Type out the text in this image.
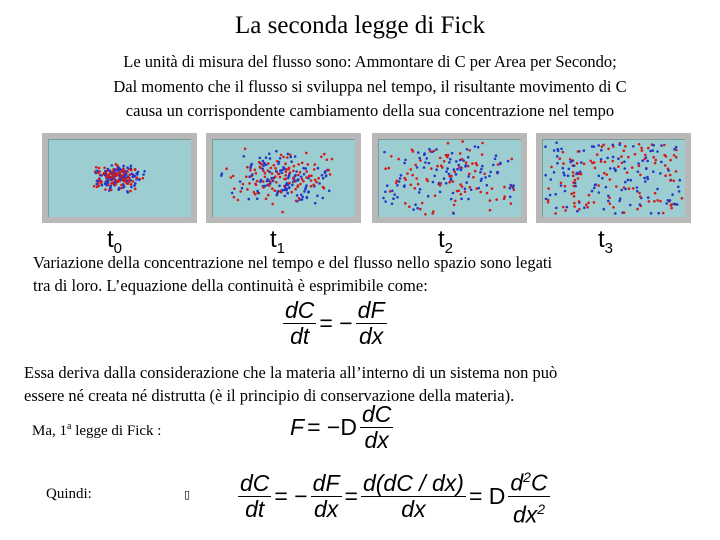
La seconda legge di Fick
Le unità di misura del flusso sono: Ammontare di C per Area per Secondo;
Dal momento che il flusso si sviluppa nel tempo, il risultante movimento di C
causa un corrispondente cambiamento della sua concentrazione nel tempo
$t_0$	$t_1$	$t_2$	$t_3$
Variazione della concentrazione nel tempo e del flusso nello spazio sono legati
tra di loro. L’equazione della continuità è esprimibile come:
$\frac{dC}{dt}$ = − $\frac{dF}{dx}$
Essa deriva dalla considerazione che la materia all’interno di un sistema non può
essere né creata né distrutta (è il principio di conservazione della materia).
Ma, 1$^a$ legge di Fick :	$F = -D \frac{dC}{dx}$
Quindi:	▯ $\frac{dC}{dt}$ = − $\frac{dF}{dx} = \frac{d(dC / dx)}{dx} = D \frac{d^2C}{dx^2}$
